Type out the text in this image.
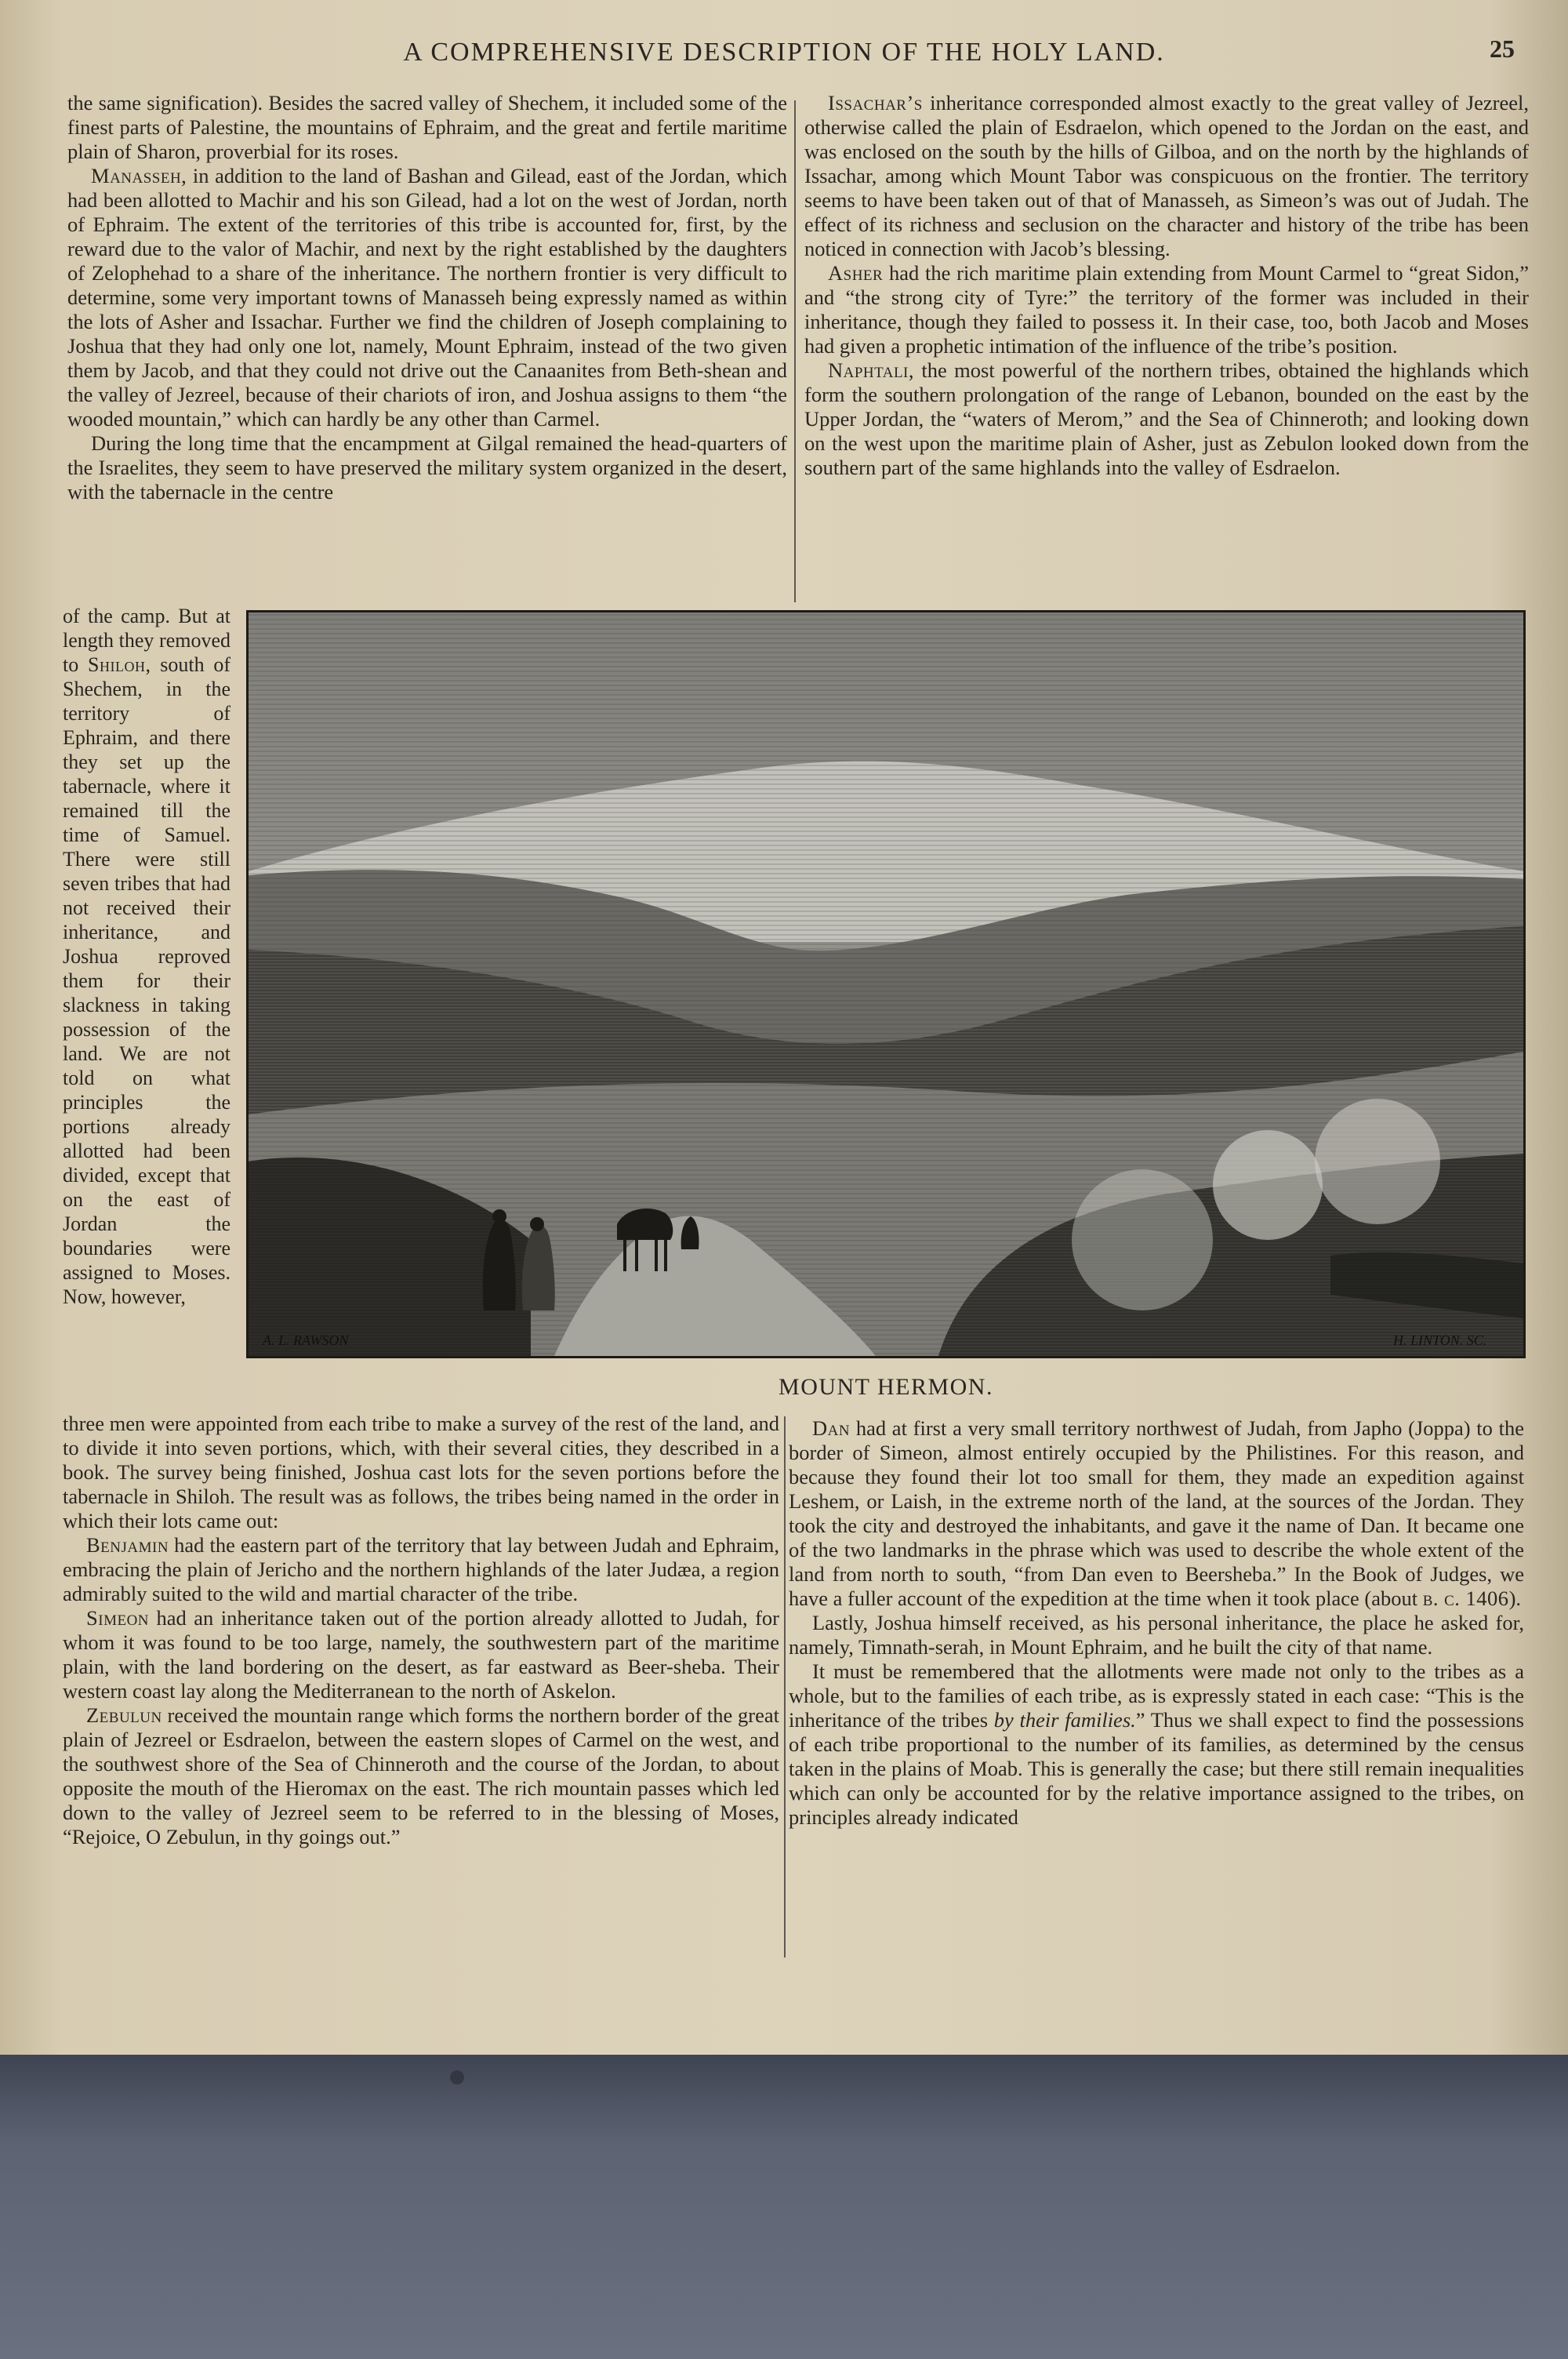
A COMPREHENSIVE DESCRIPTION OF THE HOLY LAND.	25

the same signification). Besides the sacred valley of Shechem, it included some of the finest parts of Palestine, the mountains of Ephraim, and the great and fertile maritime plain of Sharon, proverbial for its roses.

Manasseh, in addition to the land of Bashan and Gilead, east of the Jordan, which had been allotted to Machir and his son Gilead, had a lot on the west of Jordan, north of Ephraim. The extent of the territories of this tribe is accounted for, first, by the reward due to the valor of Machir, and next by the right established by the daughters of Zelophehad to a share of the inheritance. The northern frontier is very difficult to determine, some very important towns of Manasseh being expressly named as within the lots of Asher and Issachar. Further we find the children of Joseph complaining to Joshua that they had only one lot, namely, Mount Ephraim, instead of the two given them by Jacob, and that they could not drive out the Canaanites from Beth-shean and the valley of Jezreel, because of their chariots of iron, and Joshua assigns to them “the wooded mountain,” which can hardly be any other than Carmel.

During the long time that the encampment at Gilgal remained the head-quarters of the Israelites, they seem to have preserved the military system organized in the desert, with the tabernacle in the centre

Issachar’s inheritance corresponded almost exactly to the great valley of Jezreel, otherwise called the plain of Esdraelon, which opened to the Jordan on the east, and was enclosed on the south by the hills of Gilboa, and on the north by the highlands of Issachar, among which Mount Tabor was conspicuous on the frontier. The territory seems to have been taken out of that of Manasseh, as Simeon’s was out of Judah. The effect of its richness and seclusion on the character and history of the tribe has been noticed in connection with Jacob’s blessing.

Asher had the rich maritime plain extending from Mount Carmel to “great Sidon,” and “the strong city of Tyre:” the territory of the former was included in their inheritance, though they failed to possess it. In their case, too, both Jacob and Moses had given a prophetic intimation of the influence of the tribe’s position.

Naphtali, the most powerful of the northern tribes, obtained the highlands which form the southern prolongation of the range of Lebanon, bounded on the east by the Upper Jordan, the “waters of Merom,” and the Sea of Chinneroth; and looking down on the west upon the maritime plain of Asher, just as Zebulon looked down from the southern part of the same highlands into the valley of Esdraelon.

of the camp. But at length they removed to Shiloh, south of Shechem, in the territory of Ephraim, and there they set up the tabernacle, where it remained till the time of Samuel. There were still seven tribes that had not received their inheritance, and Joshua reproved them for their slackness in taking possession of the land. We are not told on what principles the portions already allotted had been divided, except that on the east of Jordan the boundaries were assigned to Moses. Now, however,

A. L. RAWSON	H. LINTON. SC.
MOUNT HERMON.

three men were appointed from each tribe to make a survey of the rest of the land, and to divide it into seven portions, which, with their several cities, they described in a book. The survey being finished, Joshua cast lots for the seven portions before the tabernacle in Shiloh. The result was as follows, the tribes being named in the order in which their lots came out:

Benjamin had the eastern part of the territory that lay between Judah and Ephraim, embracing the plain of Jericho and the northern highlands of the later Judæa, a region admirably suited to the wild and martial character of the tribe.

Simeon had an inheritance taken out of the portion already allotted to Judah, for whom it was found to be too large, namely, the southwestern part of the maritime plain, with the land bordering on the desert, as far eastward as Beer-sheba. Their western coast lay along the Mediterranean to the north of Askelon.

Zebulun received the mountain range which forms the northern border of the great plain of Jezreel or Esdraelon, between the eastern slopes of Carmel on the west, and the southwest shore of the Sea of Chinneroth and the course of the Jordan, to about opposite the mouth of the Hieromax on the east. The rich mountain passes which led down to the valley of Jezreel seem to be referred to in the blessing of Moses, “Rejoice, O Zebulun, in thy goings out.”

Dan had at first a very small territory northwest of Judah, from Japho (Joppa) to the border of Simeon, almost entirely occupied by the Philistines. For this reason, and because they found their lot too small for them, they made an expedition against Leshem, or Laish, in the extreme north of the land, at the sources of the Jordan. They took the city and destroyed the inhabitants, and gave it the name of Dan. It became one of the two landmarks in the phrase which was used to describe the whole extent of the land from north to south, “from Dan even to Beersheba.” In the Book of Judges, we have a fuller account of the expedition at the time when it took place (about b. c. 1406).

Lastly, Joshua himself received, as his personal inheritance, the place he asked for, namely, Timnath-serah, in Mount Ephraim, and he built the city of that name.

It must be remembered that the allotments were made not only to the tribes as a whole, but to the families of each tribe, as is expressly stated in each case: “This is the inheritance of the tribes by their families.” Thus we shall expect to find the possessions of each tribe proportional to the number of its families, as determined by the census taken in the plains of Moab. This is generally the case; but there still remain inequalities which can only be accounted for by the relative importance assigned to the tribes, on principles already indicated
